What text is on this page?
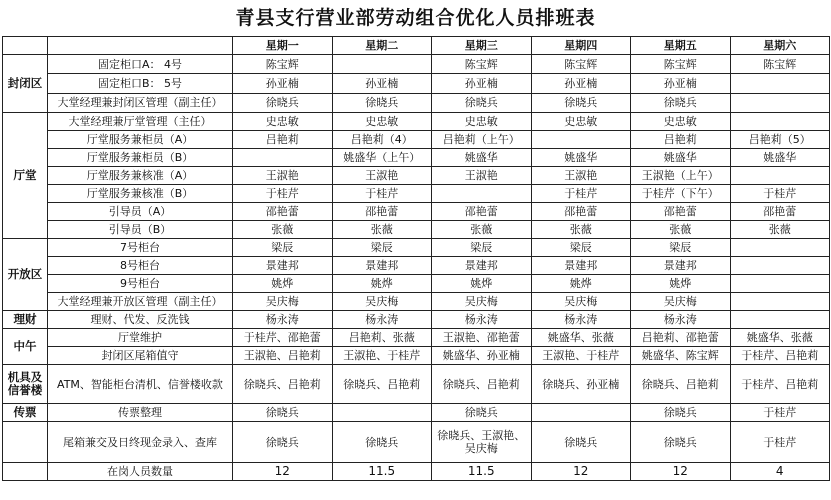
青县支行营业部劳动组合优化人员排班表
		星期一	星期二	星期三	星期四	星期五	星期六
封闭区	固定柜口A： 4号	陈宝辉		陈宝辉	陈宝辉	陈宝辉	陈宝辉
	固定柜口B： 5号	孙亚楠	孙亚楠	孙亚楠	孙亚楠	孙亚楠	
	大堂经理兼封闭区管理（副主任）	徐晓兵	徐晓兵	徐晓兵	徐晓兵	徐晓兵	
厅堂	大堂经理兼厅堂管理（主任）	史忠敏	史忠敏	史忠敏	史忠敏	史忠敏	
	厅堂服务兼柜员（A）	吕艳莉	吕艳莉（4）	吕艳莉（上午）		吕艳莉	吕艳莉（5）
	厅堂服务兼柜员（B）		姚盛华（上午）	姚盛华	姚盛华	姚盛华	姚盛华
	厅堂服务兼核准（A）	王淑艳	王淑艳	王淑艳	王淑艳	王淑艳（上午）	
	厅堂服务兼核准（B）	于桂芹	于桂芹		于桂芹	于桂芹（下午）	于桂芹
	引导员（A）	邵艳蕾	邵艳蕾	邵艳蕾	邵艳蕾	邵艳蕾	邵艳蕾
	引导员（B）	张薇	张薇	张薇	张薇	张薇	张薇
开放区	7号柜台	梁辰	梁辰	梁辰	梁辰	梁辰	
	8号柜台	景建邦	景建邦	景建邦	景建邦	景建邦	
	9号柜台	姚烨	姚烨	姚烨	姚烨	姚烨	
	大堂经理兼开放区管理（副主任）	吴庆梅	吴庆梅	吴庆梅	吴庆梅	吴庆梅	
理财	理财、代发、反洗钱	杨永涛	杨永涛	杨永涛	杨永涛	杨永涛	
中午	厅堂维护	于桂芹、邵艳蕾	吕艳莉、张薇	王淑艳、邵艳蕾	姚盛华、张薇	吕艳莉、邵艳蕾	姚盛华、张薇
	封闭区尾箱值守	王淑艳、吕艳莉	王淑艳、于桂芹	姚盛华、孙亚楠	王淑艳、于桂芹	姚盛华、陈宝辉	于桂芹、吕艳莉
机具及信誉楼	ATM、智能柜台清机、信誉楼收款	徐晓兵、吕艳莉	徐晓兵、吕艳莉	徐晓兵、吕艳莉	徐晓兵、孙亚楠	徐晓兵、吕艳莉	于桂芹、吕艳莉
传票	传票整理	徐晓兵		徐晓兵		徐晓兵	于桂芹
	尾箱兼交及日终现金录入、查库	徐晓兵	徐晓兵	徐晓兵、王淑艳、吴庆梅	徐晓兵	徐晓兵	于桂芹
	在岗人员数量	12	11.5	11.5	12	12	4
